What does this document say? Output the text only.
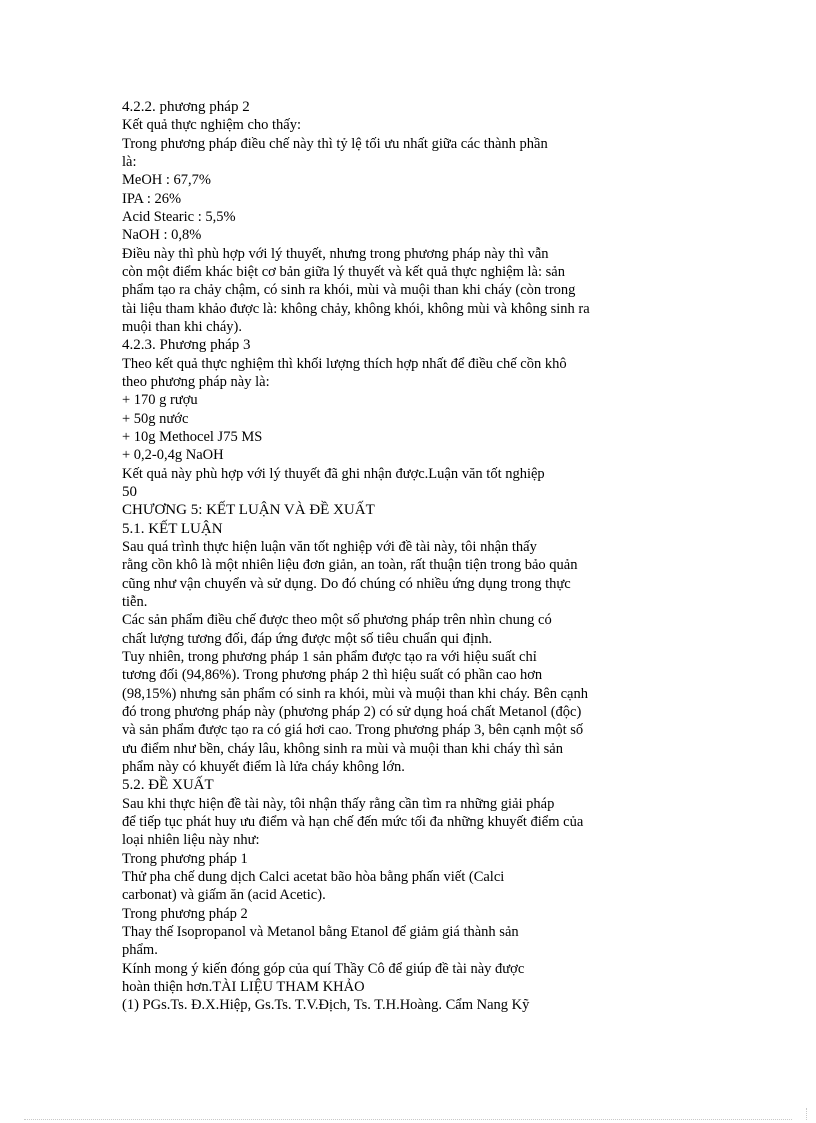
4.2.2. phương pháp 2
Kết quả thực nghiệm cho thấy:
Trong phương pháp điều chế này thì tỷ lệ tối ưu nhất giữa các thành phần
là:
MeOH : 67,7%
IPA : 26%
Acid Stearic : 5,5%
NaOH : 0,8%
Điều này thì phù hợp với lý thuyết, nhưng trong phương pháp này thì vẫn
còn một điểm khác biệt cơ bản giữa lý thuyết và kết quả thực nghiệm là: sản
phẩm tạo ra chảy chậm, có sinh ra khói, mùi và muội than khi cháy (còn trong
tài liệu tham khảo được là: không chảy, không khói, không mùi và không sinh ra
muội than khi cháy).
4.2.3. Phương pháp 3
Theo kết quả thực nghiệm thì khối lượng thích hợp nhất để điều chế cồn khô
theo phương pháp này là:
+ 170 g rượu
+ 50g nước
+ 10g Methocel J75 MS
+ 0,2-0,4g NaOH
Kết quả này phù hợp với lý thuyết đã ghi nhận được.Luận văn tốt nghiệp
50
CHƯƠNG 5: KẾT LUẬN VÀ ĐỀ XUẤT
5.1. KẾT LUẬN
Sau quá trình thực hiện luận văn tốt nghiệp với đề tài này, tôi nhận thấy
rằng cồn khô là một nhiên liệu đơn giản, an toàn, rất thuận tiện trong bảo quản
cũng như vận chuyển và sử dụng. Do đó chúng có nhiều ứng dụng trong thực
tiễn.
Các sản phẩm điều chế được theo một số phương pháp trên nhìn chung có
chất lượng tương đối, đáp ứng được một số tiêu chuẩn qui định.
Tuy nhiên, trong phương pháp 1 sản phẩm được tạo ra với hiệu suất chỉ
tương đối (94,86%). Trong phương pháp 2 thì hiệu suất có phần cao hơn
(98,15%) nhưng sản phẩm có sinh ra khói, mùi và muội than khi cháy. Bên cạnh
đó trong phương pháp này (phương pháp 2) có sử dụng hoá chất Metanol (độc)
và sản phẩm được tạo ra có giá hơi cao. Trong phương pháp 3, bên cạnh một số
ưu điểm như bền, cháy lâu, không sinh ra mùi và muội than khi cháy thì sản
phẩm này có khuyết điểm là lửa cháy không lớn.
5.2. ĐỀ XUẤT
Sau khi thực hiện đề tài này, tôi nhận thấy rằng cần tìm ra những giải pháp
để tiếp tục phát huy ưu điểm và hạn chế đến mức tối đa những khuyết điểm của
loại nhiên liệu này như:
Trong phương pháp 1
Thử pha chế dung dịch Calci acetat bão hòa bằng phấn viết (Calci
carbonat) và giấm ăn (acid Acetic).
Trong phương pháp 2
Thay thế Isopropanol và Metanol bằng Etanol để giảm giá thành sản
phẩm.
Kính mong ý kiến đóng góp của quí Thầy Cô để giúp đề tài này được
hoàn thiện hơn.TÀI LIỆU THAM KHẢO
(1) PGs.Ts. Đ.X.Hiệp, Gs.Ts. T.V.Địch, Ts. T.H.Hoàng. Cẩm Nang Kỹ
